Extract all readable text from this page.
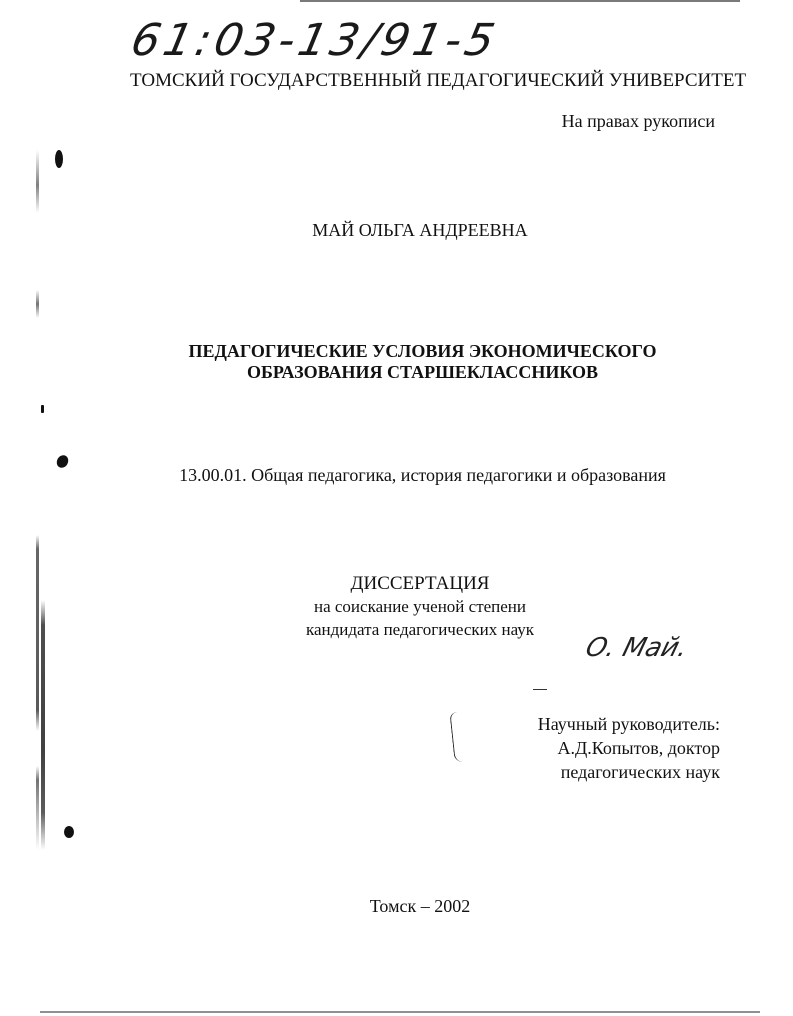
61:03-13/91-5
ТОМСКИЙ ГОСУДАРСТВЕННЫЙ ПЕДАГОГИЧЕСКИЙ УНИВЕРСИТЕТ
На правах рукописи
МАЙ ОЛЬГА АНДРЕЕВНА
ПЕДАГОГИЧЕСКИЕ УСЛОВИЯ ЭКОНОМИЧЕСКОГО
ОБРАЗОВАНИЯ СТАРШЕКЛАССНИКОВ
13.00.01. Общая педагогика, история педагогики и образования
ДИССЕРТАЦИЯ
на соискание ученой степени
кандидата педагогических наук
О. Май.
Научный руководитель:
А.Д.Копытов, доктор
педагогических наук
Томск – 2002
